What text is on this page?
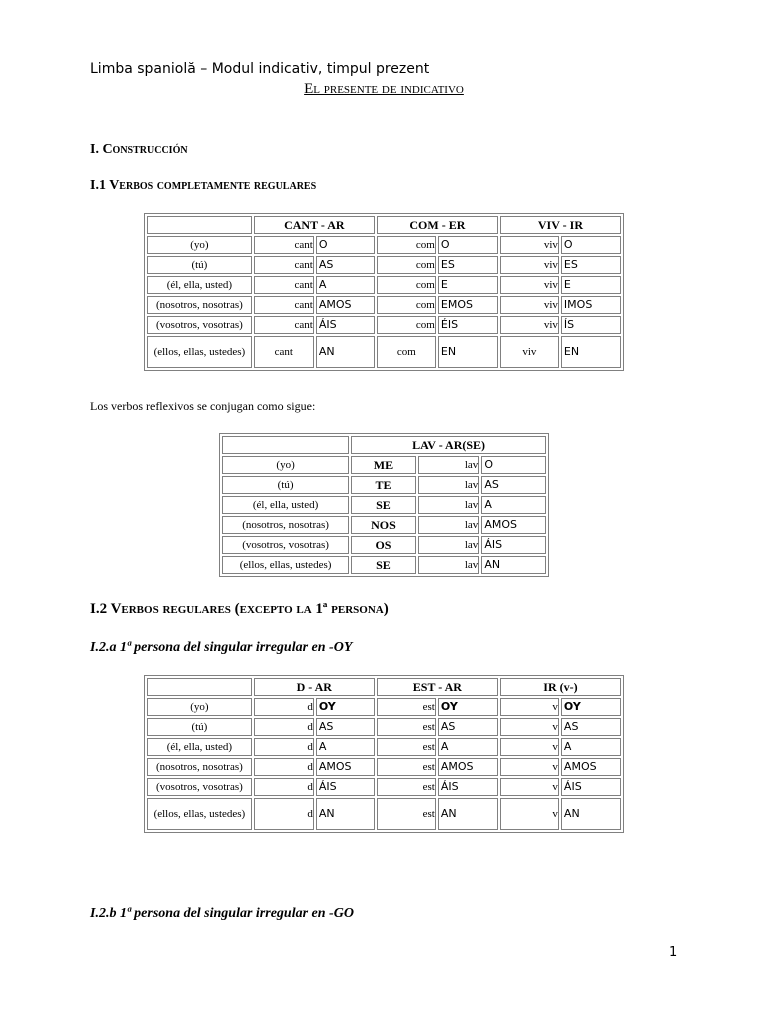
Limba spaniolă – Modul indicativ, timpul prezent
El presente de indicativo
I. Construcción
I.1 Verbos completamente regulares
	CANT - AR		COM - ER		VIV - IR	
(yo)	cant	O	com	O	viv	O
(tú)	cant	AS	com	ES	viv	ES
(él, ella, usted)	cant	A	com	E	viv	E
(nosotros, nosotras)	cant	AMOS	com	EMOS	viv	IMOS
(vosotros, vosotras)	cant	ÁIS	com	ÉIS	viv	ÍS
(ellos, ellas, ustedes)	cant	AN	com	EN	viv	EN
Los verbos reflexivos se conjugan como sigue:
	LAV - AR(SE)		
(yo)	ME	lav	O
(tú)	TE	lav	AS
(él, ella, usted)	SE	lav	A
(nosotros, nosotras)	NOS	lav	AMOS
(vosotros, vosotras)	OS	lav	ÁIS
(ellos, ellas, ustedes)	SE	lav	AN
I.2 Verbos regulares (excepto la 1ª persona)
I.2.a 1ª persona del singular irregular en -OY
	D - AR		EST - AR		IR (v-)	
(yo)	d	OY	est	OY	v	OY
(tú)	d	AS	est	AS	v	AS
(él, ella, usted)	d	A	est	A	v	A
(nosotros, nosotras)	d	AMOS	est	AMOS	v	AMOS
(vosotros, vosotras)	d	ÁIS	est	ÁIS	v	ÁIS
(ellos, ellas, ustedes)	d	AN	est	AN	v	AN
I.2.b 1ª persona del singular irregular en -GO
1
